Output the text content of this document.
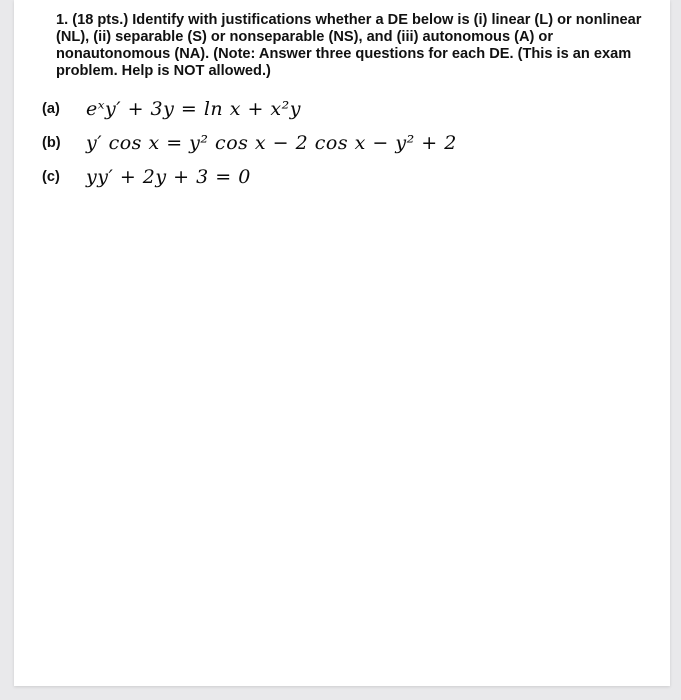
1. (18 pts.) Identify with justifications whether a DE below is (i) linear (L) or nonlinear (NL), (ii) separable (S) or nonseparable (NS), and (iii) autonomous (A) or nonautonomous (NA). (Note: Answer three questions for each DE. (This is an exam problem. Help is NOT allowed.)

(a)	eˣy′ + 3y = ln x + x²y
(b)	y′ cos x = y² cos x − 2 cos x − y² + 2
(c)	yy′ + 2y + 3 = 0
